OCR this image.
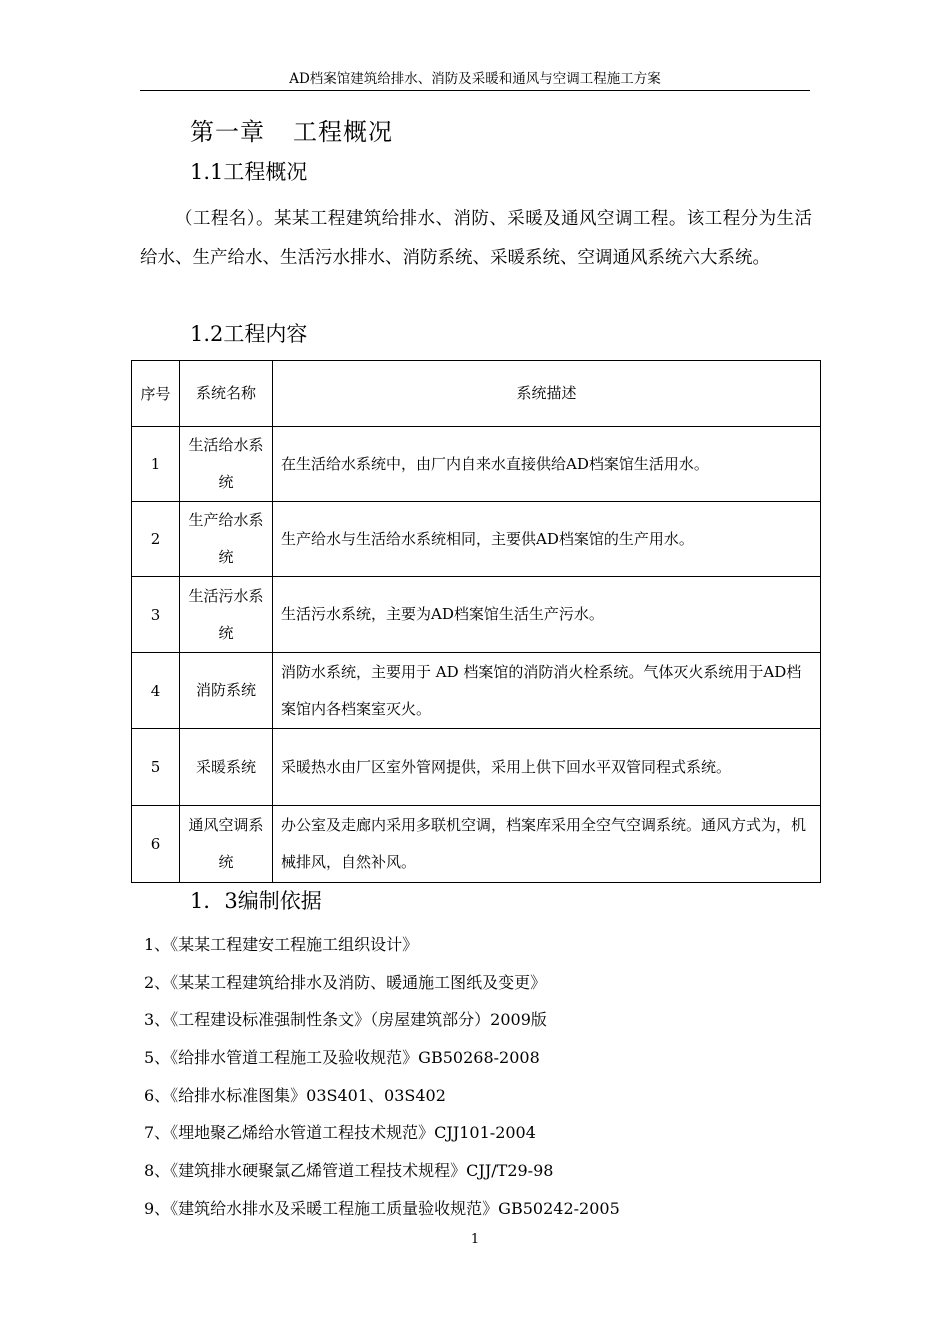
AD档案馆建筑给排水、消防及采暖和通风与空调工程施工方案
第一章 工程概况
1.1工程概况
（工程名）。某某工程建筑给排水、消防、采暖及通风空调工程。该工程分为生活给水、生产给水、生活污水排水、消防系统、采暖系统、空调通风系统六大系统。
1.2工程内容
序号	系统名称	系统描述
1	生活给水系统	在生活给水系统中，由厂内自来水直接供给AD档案馆生活用水。
2	生产给水系统	生产给水与生活给水系统相同，主要供AD档案馆的生产用水。
3	生活污水系统	生活污水系统，主要为AD档案馆生活生产污水。
4	消防系统	消防水系统，主要用于 AD 档案馆的消防消火栓系统。气体灭火系统用于AD档案馆内各档案室灭火。
5	采暖系统	采暖热水由厂区室外管网提供，采用上供下回水平双管同程式系统。
6	通风空调系统	办公室及走廊内采用多联机空调，档案库采用全空气空调系统。通风方式为，机械排风，自然补风。
1．3编制依据
1、《某某工程建安工程施工组织设计》
2、《某某工程建筑给排水及消防、暖通施工图纸及变更》
3、《工程建设标准强制性条文》（房屋建筑部分）2009版
5、《给排水管道工程施工及验收规范》GB50268-2008
6、《给排水标准图集》03S401、03S402
7、《埋地聚乙烯给水管道工程技术规范》CJJ101-2004
8、《建筑排水硬聚氯乙烯管道工程技术规程》CJJ/T29-98
9、《建筑给水排水及采暖工程施工质量验收规范》GB50242-2005
1
